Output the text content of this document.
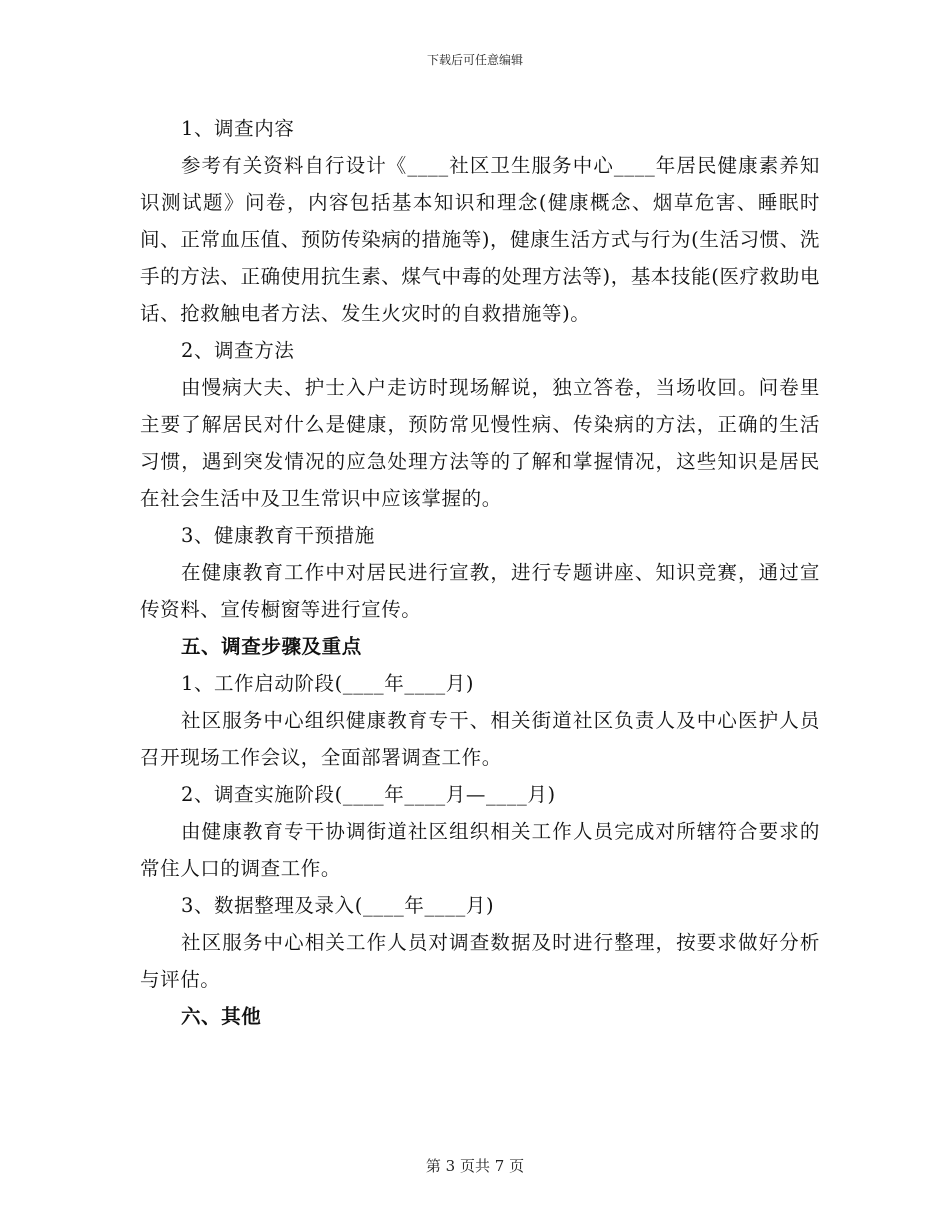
下载后可任意编辑

1、调查内容

参考有关资料自行设计《____社区卫生服务中心____年居民健康素养知识测试题》问卷，内容包括基本知识和理念(健康概念、烟草危害、睡眠时间、正常血压值、预防传染病的措施等)，健康生活方式与行为(生活习惯、洗手的方法、正确使用抗生素、煤气中毒的处理方法等)，基本技能(医疗救助电话、抢救触电者方法、发生火灾时的自救措施等)。

2、调查方法

由慢病大夫、护士入户走访时现场解说，独立答卷，当场收回。问卷里主要了解居民对什么是健康，预防常见慢性病、传染病的方法，正确的生活习惯，遇到突发情况的应急处理方法等的了解和掌握情况，这些知识是居民在社会生活中及卫生常识中应该掌握的。

3、健康教育干预措施

在健康教育工作中对居民进行宣教，进行专题讲座、知识竞赛，通过宣传资料、宣传橱窗等进行宣传。

五、调查步骤及重点

1、工作启动阶段(____年____月)

社区服务中心组织健康教育专干、相关街道社区负责人及中心医护人员召开现场工作会议，全面部署调查工作。

2、调查实施阶段(____年____月—____月)

由健康教育专干协调街道社区组织相关工作人员完成对所辖符合要求的常住人口的调查工作。

3、数据整理及录入(____年____月)

社区服务中心相关工作人员对调查数据及时进行整理，按要求做好分析与评估。

六、其他

第 3 页共 7 页
